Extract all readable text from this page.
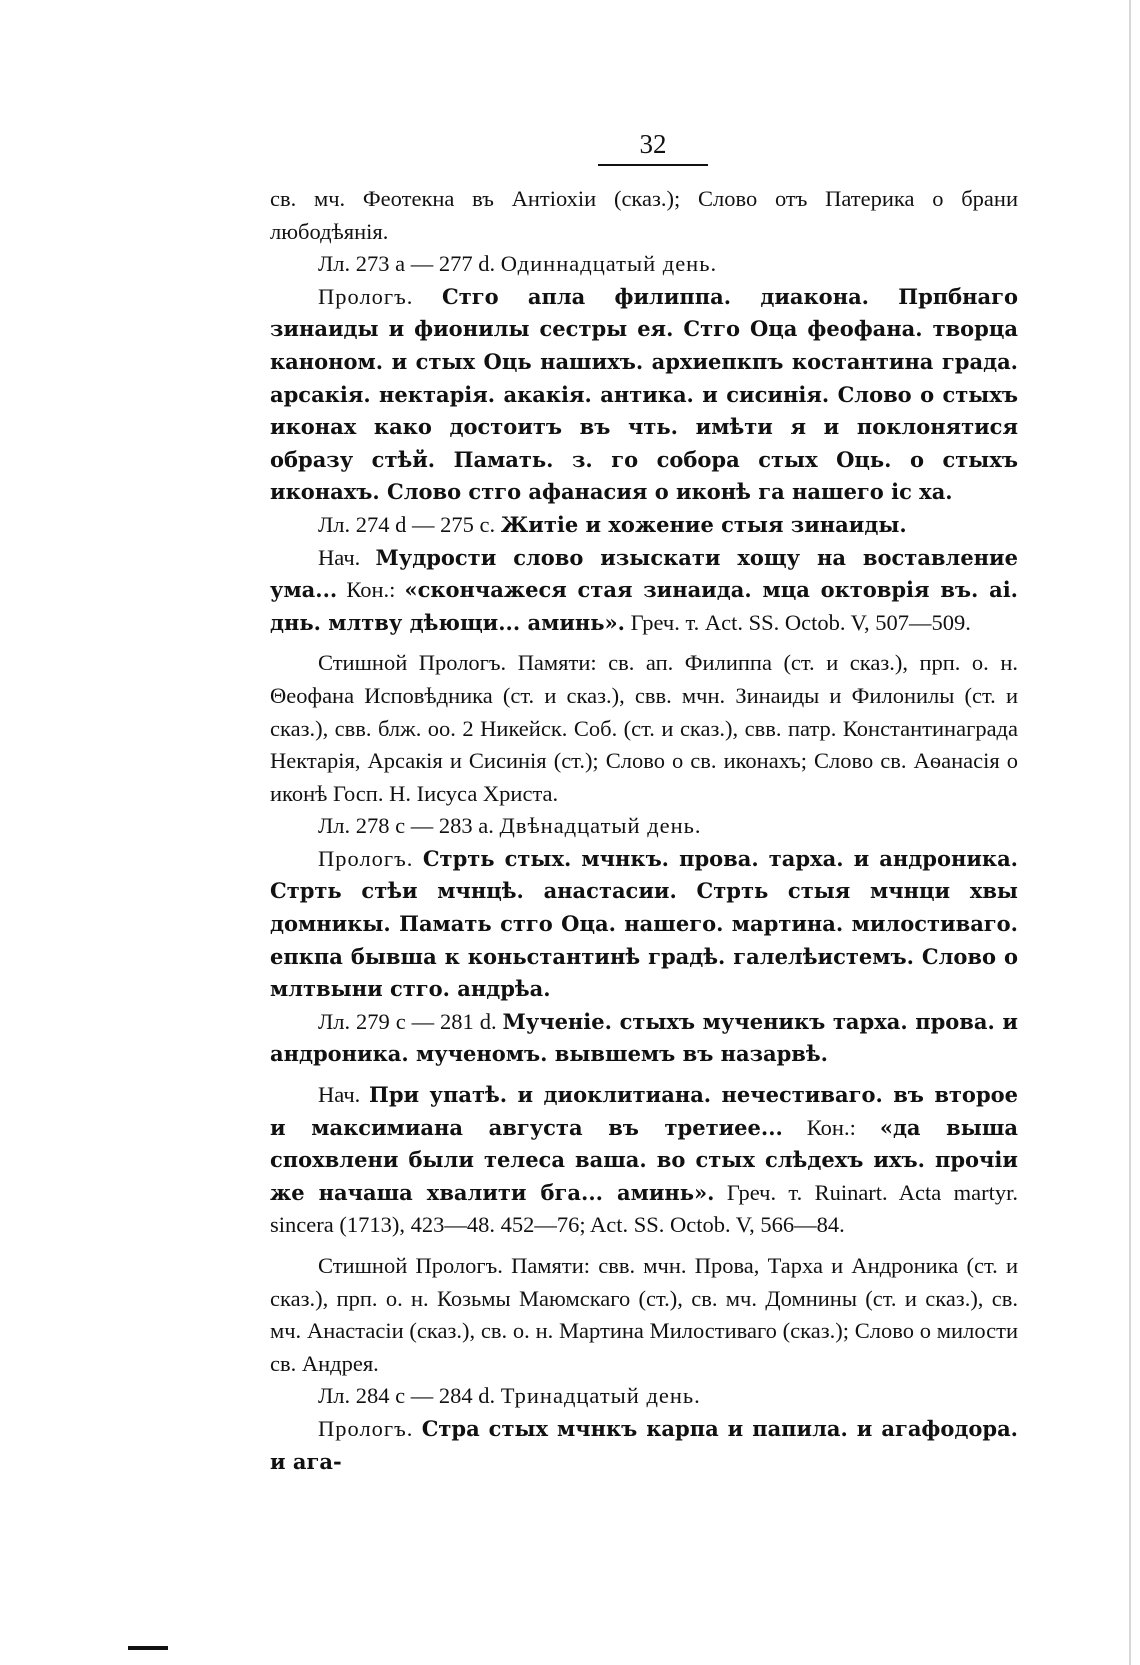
32

св. мч. Феотекна въ Антіохіи (сказ.); Слово отъ Патерика о брани любодѣянія.

Лл. 273 а — 277 d. Одиннадцатый день.

Прологъ. Стго апла филиппа. диакона. Прпбнаго зинаиды и фионилы сестры ея. Стго Оца феофана. творца каноном. и стых Оць нашихъ. архиепкпъ костантина града. арсакія. нектарія. акакія. антика. и сисинія. Слово о стыхъ иконах како достоитъ въ чть. имѣти я и поклонятися образу стѣй. Памать. з. го собора стых Оць. о стыхъ иконахъ. Слово стго афанасия о иконѣ га нашего іс ха.

Лл. 274 d — 275 с. Житіе и хожение стыя зинаиды.

Нач. Мудрости слово изыскати хощу на воставление ума... Кон.: «скончажеся стая зинаида. мца октоврія въ. ai. днь. млтву дѣющи... аминь». Греч. т. Act. SS. Octob. V, 507—509.

Стишной Прологъ. Памяти: св. ап. Филиппа (ст. и сказ.), прп. о. н. Θеофана Исповѣдника (ст. и сказ.), свв. мчн. Зинаиды и Филонилы (ст. и сказ.), свв. блж. оо. 2 Никейск. Соб. (ст. и сказ.), свв. патр. Константинаграда Нектарія, Арсакія и Сисинія (ст.); Слово о св. иконахъ; Слово св. Аѳанасія о иконѣ Госп. Н. Іисуса Христа.

Лл. 278 с — 283 а. Двѣнадцатый день.

Прологъ. Стрть стых. мчнкъ. прова. тарха. и андроника. Стрть стѣи мчнцѣ. анастасии. Стрть стыя мчнци хвы домникы. Памать стго Оца. нашего. мартина. милостиваго. епкпа бывша к коньстантинѣ градѣ. галелѣистемъ. Слово о млтвыни стго. андрѣа.

Лл. 279 с — 281 d. Мученіе. стыхъ мученикъ тарха. прова. и андроника. мученомъ. вывшемъ въ назарвѣ.

Нач. При упатѣ. и диоклитиана. нечестиваго. въ второе и максимиана августа въ третиее... Кон.: «да выша спохвлени были телеса ваша. во стых слѣдехъ ихъ. прочіи же начаша хвалити бга... аминь». Греч. т. Ruinart. Acta martyr. sincera (1713), 423—48. 452—76; Act. SS. Octob. V, 566—84.

Стишной Прологъ. Памяти: свв. мчн. Прова, Тарха и Андроника (ст. и сказ.), прп. о. н. Козьмы Маюмскаго (ст.), св. мч. Домнины (ст. и сказ.), св. мч. Анастасіи (сказ.), св. о. н. Мартина Милостиваго (сказ.); Слово о милости св. Андрея.

Лл. 284 с — 284 d. Тринадцатый день.

Прологъ. Стра стых мчнкъ карпа и папила. и агафодора. и ага-
